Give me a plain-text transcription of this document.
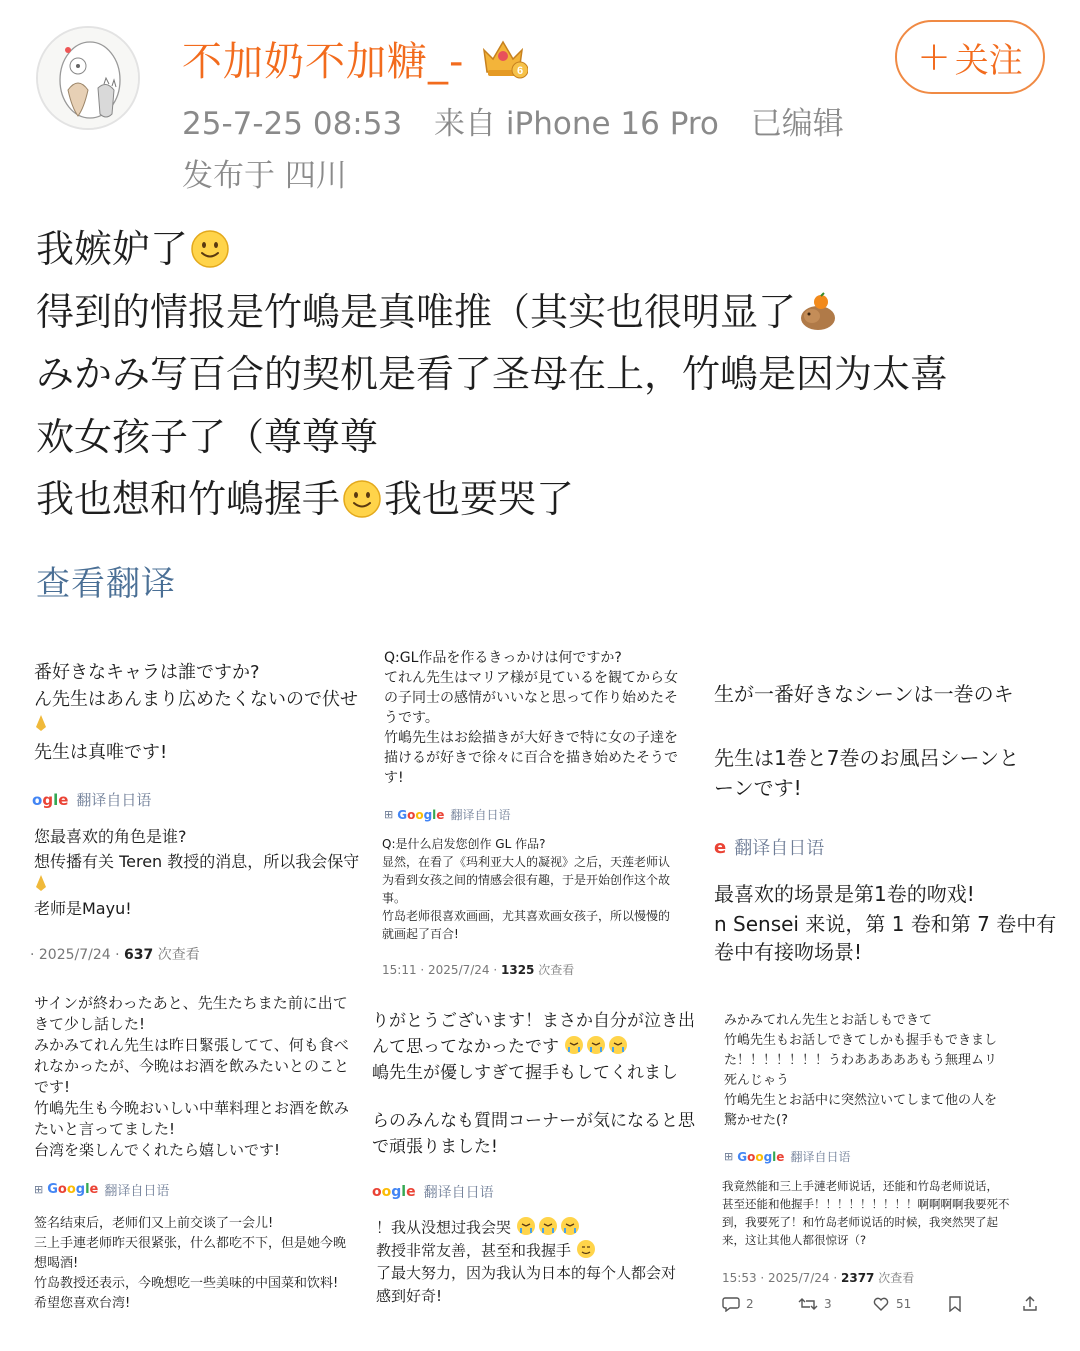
不加奶不加糖_-	6	+ 关注
25-7-25 08:53 来自 iPhone 16 Pro 已编辑
发布于 四川
我嫉妒了
得到的情报是竹嶋是真唯推（其实也很明显了
みかみ写百合的契机是看了圣母在上，竹嶋是因为太喜
欢女孩子了（尊尊尊
我也想和竹嶋握手 我也要哭了
查看翻译
番好きなキャラは誰ですか?
ん先生はあんまり広めたくないので伏せ
先生は真唯です!
ogle 翻译自日语
您最喜欢的角色是谁?
想传播有关 Teren 教授的消息，所以我会保守
老师是Mayu!
· 2025/7/24 · 637 次查看
Q:GL作品を作るきっかけは何ですか?
てれん先生はマリア様が見ているを観てから女
の子同士の感情がいいなと思って作り始めたそ
うです。
竹嶋先生はお絵描きが大好きで特に女の子達を
描けるが好きで徐々に百合を描き始めたそうで
す!
⊞ Google 翻译自日语
Q:是什么启发您创作 GL 作品?
显然，在看了《玛利亚大人的凝视》之后，天莲老师认
为看到女孩之间的情感会很有趣，于是开始创作这个故
事。
竹岛老师很喜欢画画，尤其喜欢画女孩子，所以慢慢的
就画起了百合!
15:11 · 2025/7/24 · 1325 次查看
生が一番好きなシーンは一巻のキ
先生は1巻と7巻のお風呂シーンと
ーンです!
e 翻译自日语
最喜欢的场景是第1卷的吻戏!
n Sensei 来说，第 1 卷和第 7 卷中有
卷中有接吻场景!
サインが終わったあと、先生たちまた前に出て
きて少し話した!
みかみてれん先生は昨日緊張してて、何も食べ
れなかったが、今晩はお酒を飲みたいとのこと
です!
竹嶋先生も今晩おいしい中華料理とお酒を飲み
たいと言ってました!
台湾を楽しんでくれたら嬉しいです!
⊞ Google 翻译自日语
签名结束后，老师们又上前交谈了一会儿!
三上手連老师昨天很紧张，什么都吃不下，但是她今晚
想喝酒!
竹岛教授还表示，今晚想吃一些美味的中国菜和饮料!
希望您喜欢台湾!
りがとうございます！まさか自分が泣き出
んて思ってなかったです
嶋先生が優しすぎて握手もしてくれまし
らのみんなも質問コーナーが気になると思
で頑張りました!
oogle 翻译自日语
！我从没想过我会哭
教授非常友善，甚至和我握手
了最大努力，因为我认为日本的每个人都会对
感到好奇!
みかみてれん先生とお話しもできて
竹嶋先生もお話しできてしかも握手もできまし
た！！！！！！！うわあああああもう無理ムリ
死んじゃう
竹嶋先生とお話中に突然泣いてしまて他の人を
驚かせた(?
⊞ Google 翻译自日语
我竟然能和三上手漣老师说话，还能和竹岛老师说话，
甚至还能和他握手！！！！！！！！！啊啊啊啊我要死不
到，我要死了！和竹岛老师说话的时候，我突然哭了起
来，这让其他人都很惊讶（?
15:53 · 2025/7/24 · 2377 次查看
2	3	51
